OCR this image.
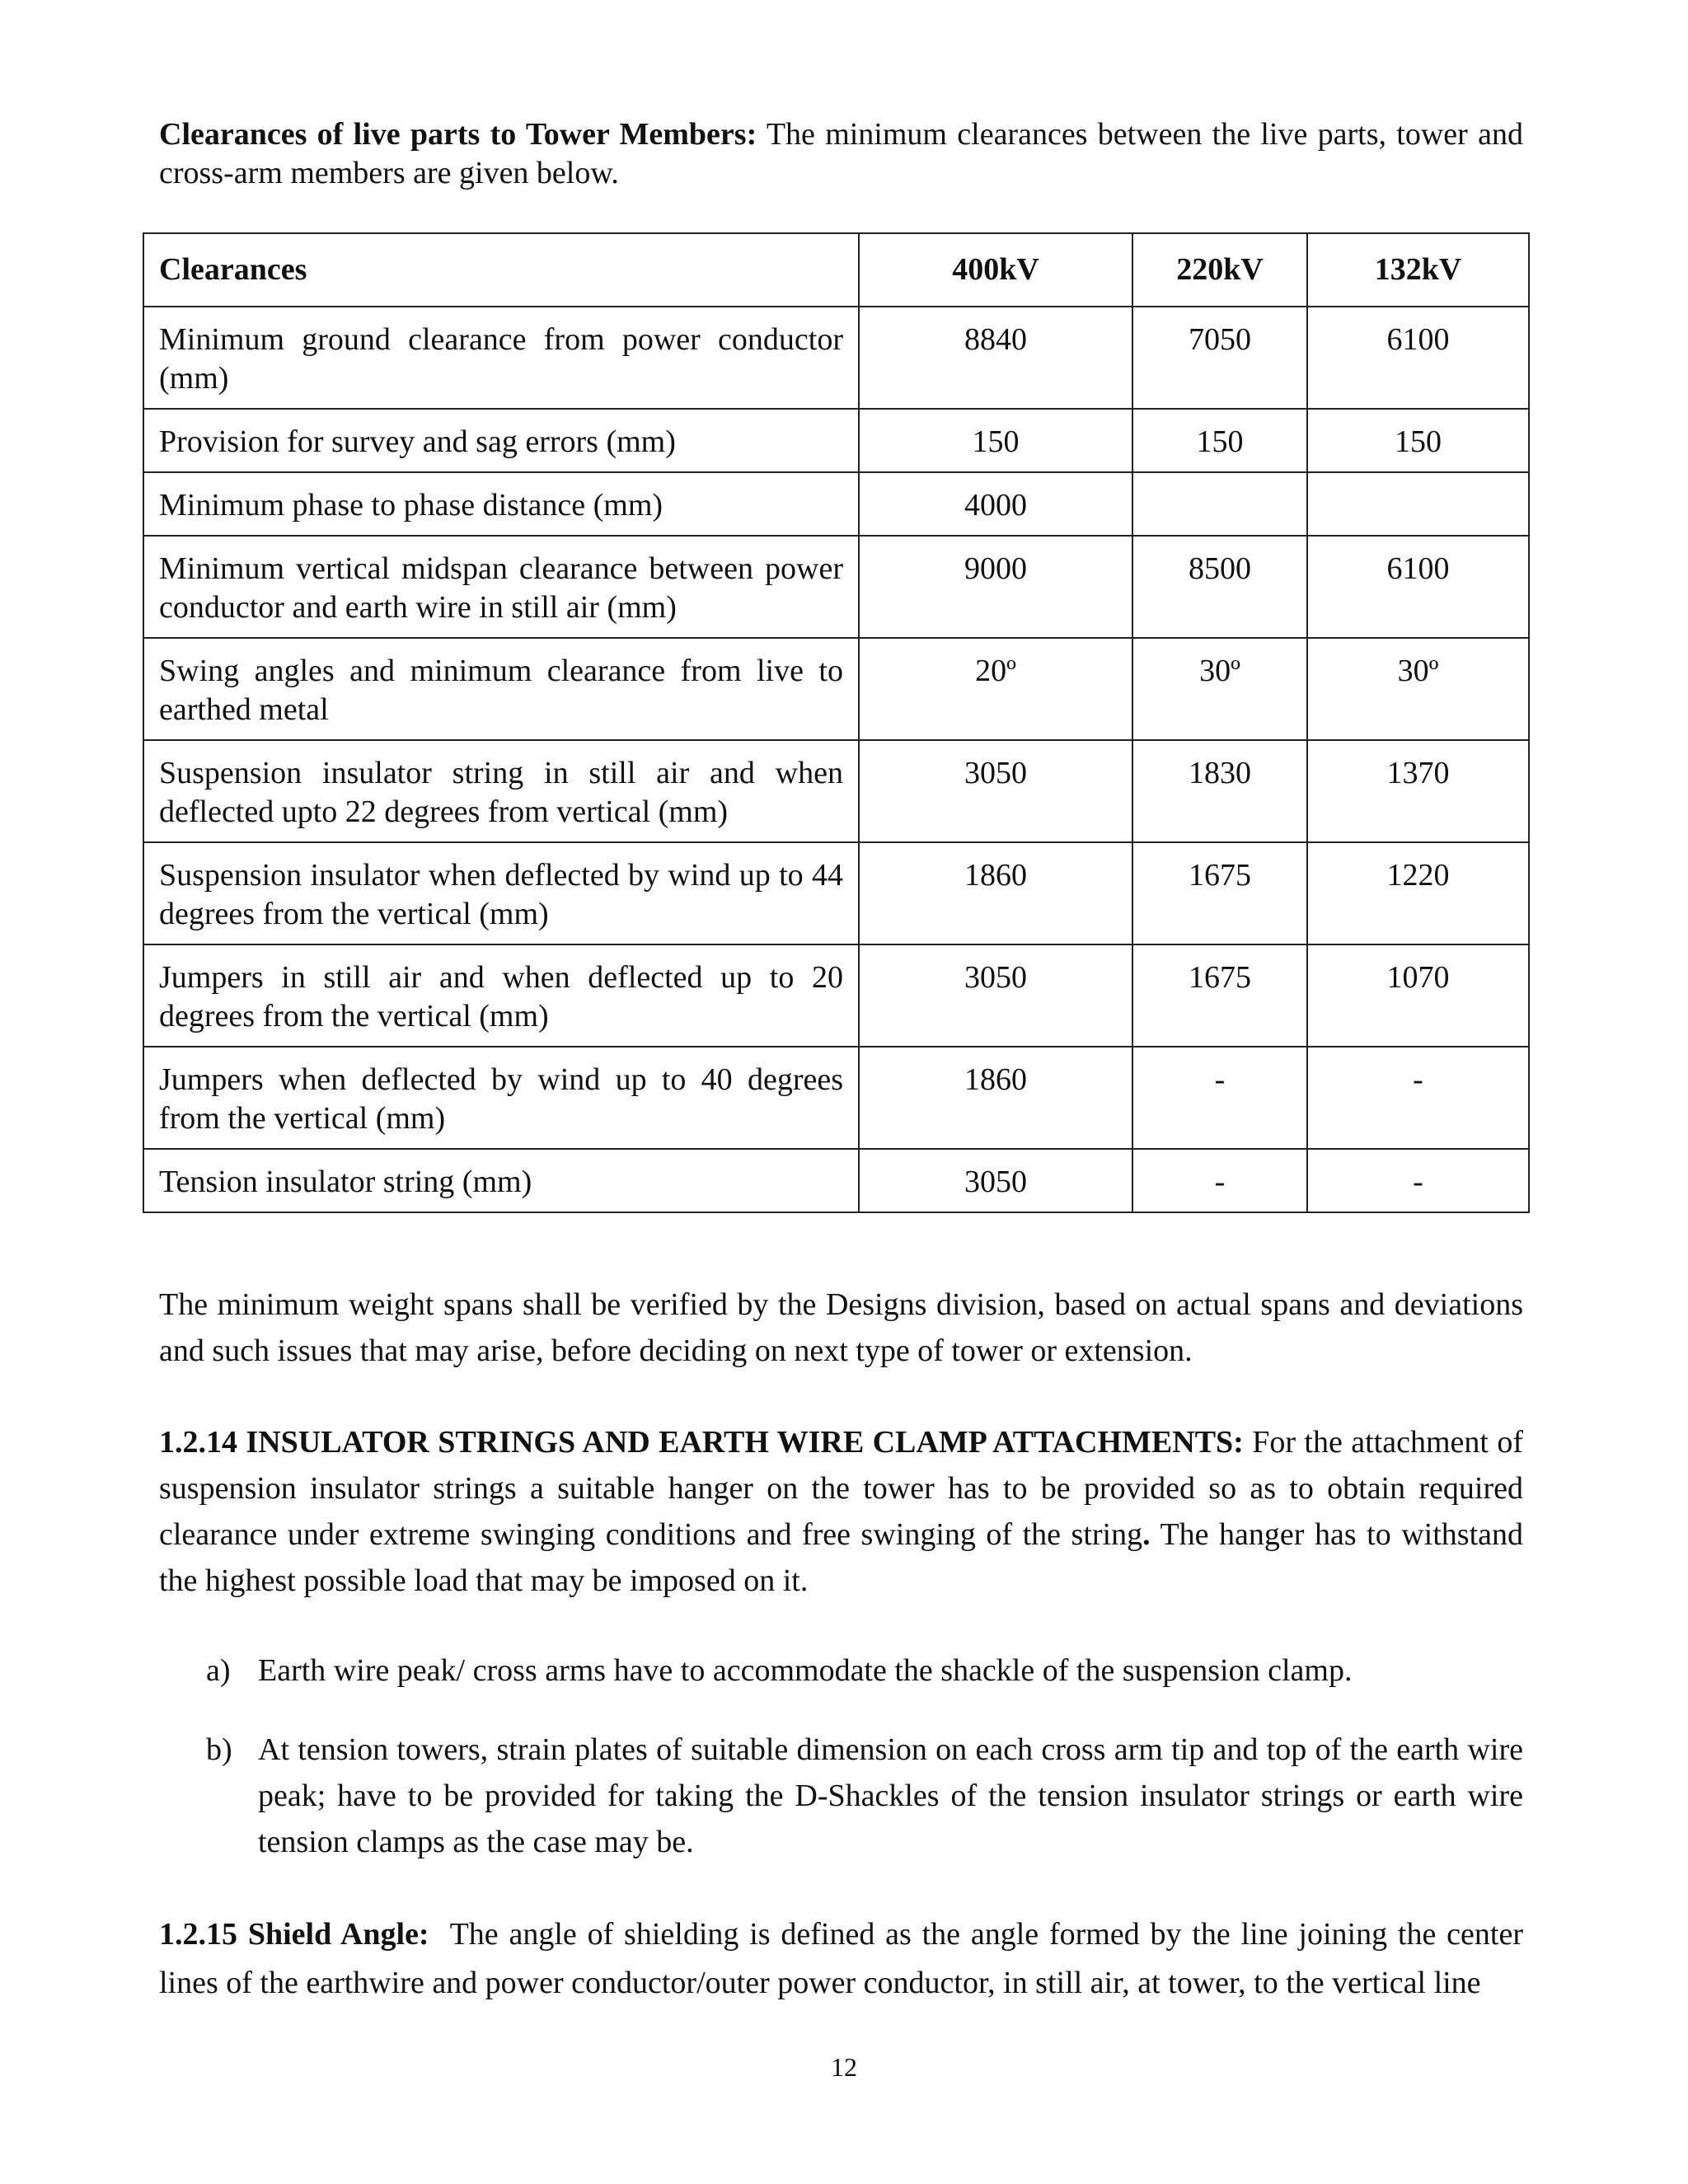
Clearances of live parts to Tower Members: The minimum clearances between the live parts, tower and cross-arm members are given below.

Clearances	400kV	220kV	132kV
Minimum ground clearance from power conductor (mm)	8840	7050	6100
Provision for survey and sag errors (mm)	150	150	150
Minimum phase to phase distance (mm)	4000		
Minimum vertical midspan clearance between power conductor and earth wire in still air (mm)	9000	8500	6100
Swing angles and minimum clearance from live to earthed metal	20º	30º	30º
Suspension insulator string in still air and when deflected upto 22 degrees from vertical (mm)	3050	1830	1370
Suspension insulator when deflected by wind up to 44 degrees from the vertical (mm)	1860	1675	1220
Jumpers in still air and when deflected up to 20 degrees from the vertical (mm)	3050	1675	1070
Jumpers when deflected by wind up to 40 degrees from the vertical (mm)	1860	-	-
Tension insulator string (mm)	3050	-	-

The minimum weight spans shall be verified by the Designs division, based on actual spans and deviations and such issues that may arise, before deciding on next type of tower or extension.

1.2.14 INSULATOR STRINGS AND EARTH WIRE CLAMP ATTACHMENTS: For the attachment of suspension insulator strings a suitable hanger on the tower has to be provided so as to obtain required clearance under extreme swinging conditions and free swinging of the string. The hanger has to withstand the highest possible load that may be imposed on it.

a) Earth wire peak/ cross arms have to accommodate the shackle of the suspension clamp.
b) At tension towers, strain plates of suitable dimension on each cross arm tip and top of the earth wire peak; have to be provided for taking the D-Shackles of the tension insulator strings or earth wire tension clamps as the case may be.

1.2.15 Shield Angle: The angle of shielding is defined as the angle formed by the line joining the center lines of the earthwire and power conductor/outer power conductor, in still air, at tower, to the vertical line

12
